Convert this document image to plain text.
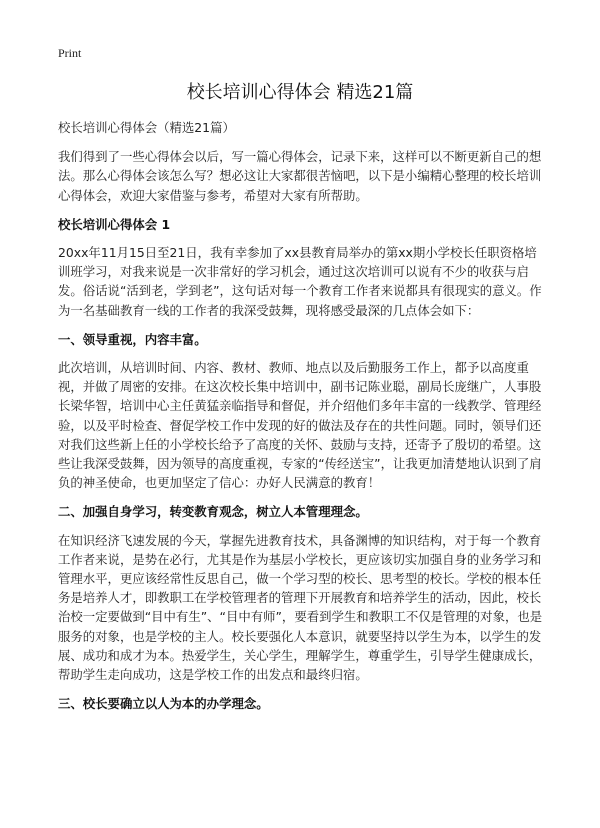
Print
校长培训心得体会 精选21篇

校长培训心得体会（精选21篇）

我们得到了一些心得体会以后，写一篇心得体会，记录下来，这样可以不断更新自己的想法。那么心得体会该怎么写？想必这让大家都很苦恼吧，以下是小编精心整理的校长培训心得体会，欢迎大家借鉴与参考，希望对大家有所帮助。

校长培训心得体会 1

20xx年11月15日至21日，我有幸参加了xx县教育局举办的第xx期小学校长任职资格培训班学习，对我来说是一次非常好的学习机会，通过这次培训可以说有不少的收获与启发。俗话说“活到老，学到老”，这句话对每一个教育工作者来说都具有很现实的意义。作为一名基础教育一线的工作者的我深受鼓舞，现将感受最深的几点体会如下：

一、领导重视，内容丰富。

此次培训，从培训时间、内容、教材、教师、地点以及后勤服务工作上，都予以高度重视，并做了周密的安排。在这次校长集中培训中，副书记陈业聪，副局长庞继广，人事股长梁华智，培训中心主任黄猛亲临指导和督促，并介绍他们多年丰富的一线教学、管理经验，以及平时检查、督促学校工作中发现的好的做法及存在的共性问题。同时，领导们还对我们这些新上任的小学校长给予了高度的关怀、鼓励与支持，还寄予了殷切的希望。这些让我深受鼓舞，因为领导的高度重视，专家的“传经送宝”，让我更加清楚地认识到了肩负的神圣使命，也更加坚定了信心：办好人民满意的教育！

二、加强自身学习，转变教育观念，树立人本管理理念。

在知识经济飞速发展的今天，掌握先进教育技术，具备渊博的知识结构，对于每一个教育工作者来说，是势在必行，尤其是作为基层小学校长，更应该切实加强自身的业务学习和管理水平，更应该经常性反思自己，做一个学习型的校长、思考型的校长。学校的根本任务是培养人才，即教职工在学校管理者的管理下开展教育和培养学生的活动，因此，校长治校一定要做到“目中有生”、“目中有师”，要看到学生和教职工不仅是管理的对象，也是服务的对象，也是学校的主人。校长要强化人本意识，就要坚持以学生为本，以学生的发展、成功和成才为本。热爱学生，关心学生，理解学生，尊重学生，引导学生健康成长，帮助学生走向成功，这是学校工作的出发点和最终归宿。

三、校长要确立以人为本的办学理念。
